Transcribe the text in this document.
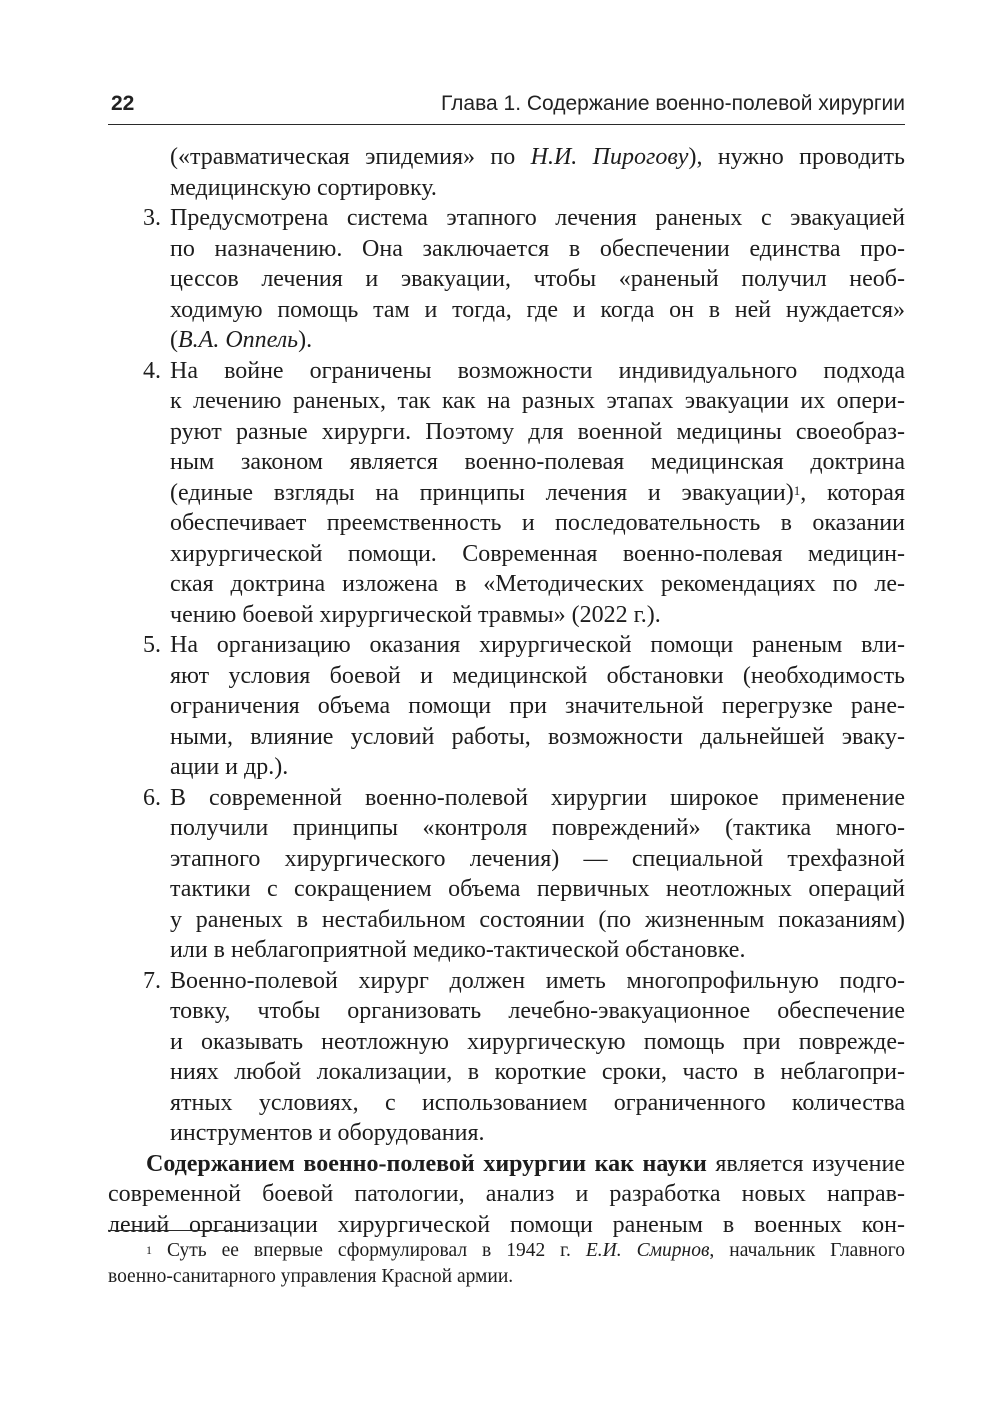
22	Глава 1. Содержание военно-полевой хирургии
(«травматическая эпидемия» по Н.И. Пирогову), нужно проводить
медицинскую сортировку.
3. Предусмотрена система этапного лечения раненых с эвакуацией
по назначению. Она заключается в обеспечении единства про-
цессов лечения и эвакуации, чтобы «раненый получил необ-
ходимую помощь там и тогда, где и когда он в ней нуждается»
(В.А. Оппель).
4. На войне ограничены возможности индивидуального подхода
к лечению раненых, так как на разных этапах эвакуации их опери-
руют разные хирурги. Поэтому для военной медицины своеобраз-
ным законом является военно-полевая медицинская доктрина
(единые взгляды на принципы лечения и эвакуации)$^1$, которая
обеспечивает преемственность и последовательность в оказании
хирургической помощи. Современная военно-полевая медицин-
ская доктрина изложена в «Методических рекомендациях по ле-
чению боевой хирургической травмы» (2022 г.).
5. На организацию оказания хирургической помощи раненым вли-
яют условия боевой и медицинской обстановки (необходимость
ограничения объема помощи при значительной перегрузке ране-
ными, влияние условий работы, возможности дальнейшей эваку-
ации и др.).
6. В современной военно-полевой хирургии широкое применение
получили принципы «контроля повреждений» (тактика много-
этапного хирургического лечения) — специальной трехфазной
тактики с сокращением объема первичных неотложных операций
у раненых в нестабильном состоянии (по жизненным показаниям)
или в неблагоприятной медико-тактической обстановке.
7. Военно-полевой хирург должен иметь многопрофильную подго-
товку, чтобы организовать лечебно-эвакуационное обеспечение
и оказывать неотложную хирургическую помощь при поврежде-
ниях любой локализации, в короткие сроки, часто в неблагопри-
ятных условиях, с использованием ограниченного количества
инструментов и оборудования.
Содержанием военно-полевой хирургии как науки является изучение
современной боевой патологии, анализ и разработка новых направ-
лений организации хирургической помощи раненым в военных кон-
$^1$ Суть ее впервые сформулировал в 1942 г. Е.И. Смирнов, начальник Главного
военно-санитарного управления Красной армии.
